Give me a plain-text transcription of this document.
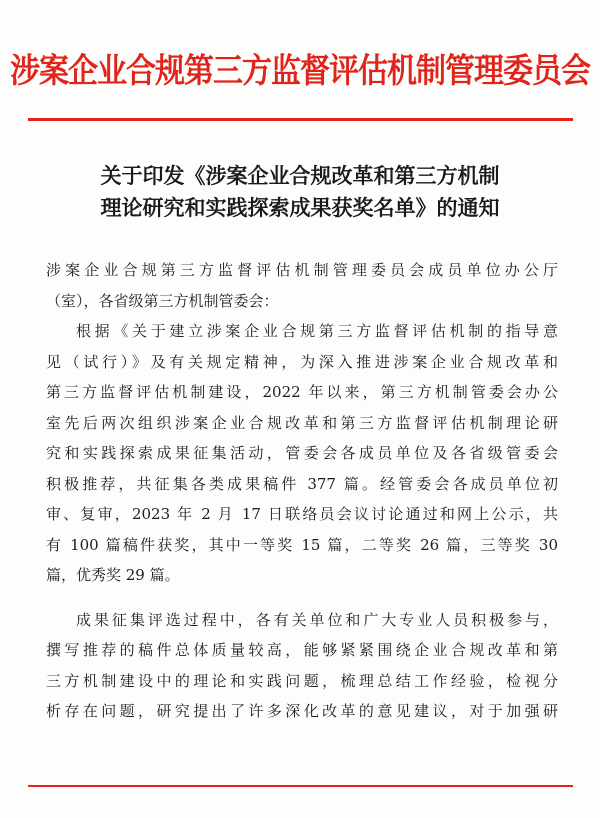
涉案企业合规第三方监督评估机制管理委员会
关于印发《涉案企业合规改革和第三方机制
理论研究和实践探索成果获奖名单》的通知
涉案企业合规第三方监督评估机制管理委员会成员单位办公厅
（室），各省级第三方机制管委会：
根据《关于建立涉案企业合规第三方监督评估机制的指导意
见（试行）》及有关规定精神，为深入推进涉案企业合规改革和
第三方监督评估机制建设，2022 年以来，第三方机制管委会办公
室先后两次组织涉案企业合规改革和第三方监督评估机制理论研
究和实践探索成果征集活动，管委会各成员单位及各省级管委会
积极推荐，共征集各类成果稿件 377 篇。经管委会各成员单位初
审、复审，2023 年 2 月 17 日联络员会议讨论通过和网上公示，共
有 100 篇稿件获奖，其中一等奖 15 篇，二等奖 26 篇，三等奖 30
篇，优秀奖 29 篇。
成果征集评选过程中，各有关单位和广大专业人员积极参与，
撰写推荐的稿件总体质量较高，能够紧紧围绕企业合规改革和第
三方机制建设中的理论和实践问题，梳理总结工作经验，检视分
析存在问题，研究提出了许多深化改革的意见建议，对于加强研
